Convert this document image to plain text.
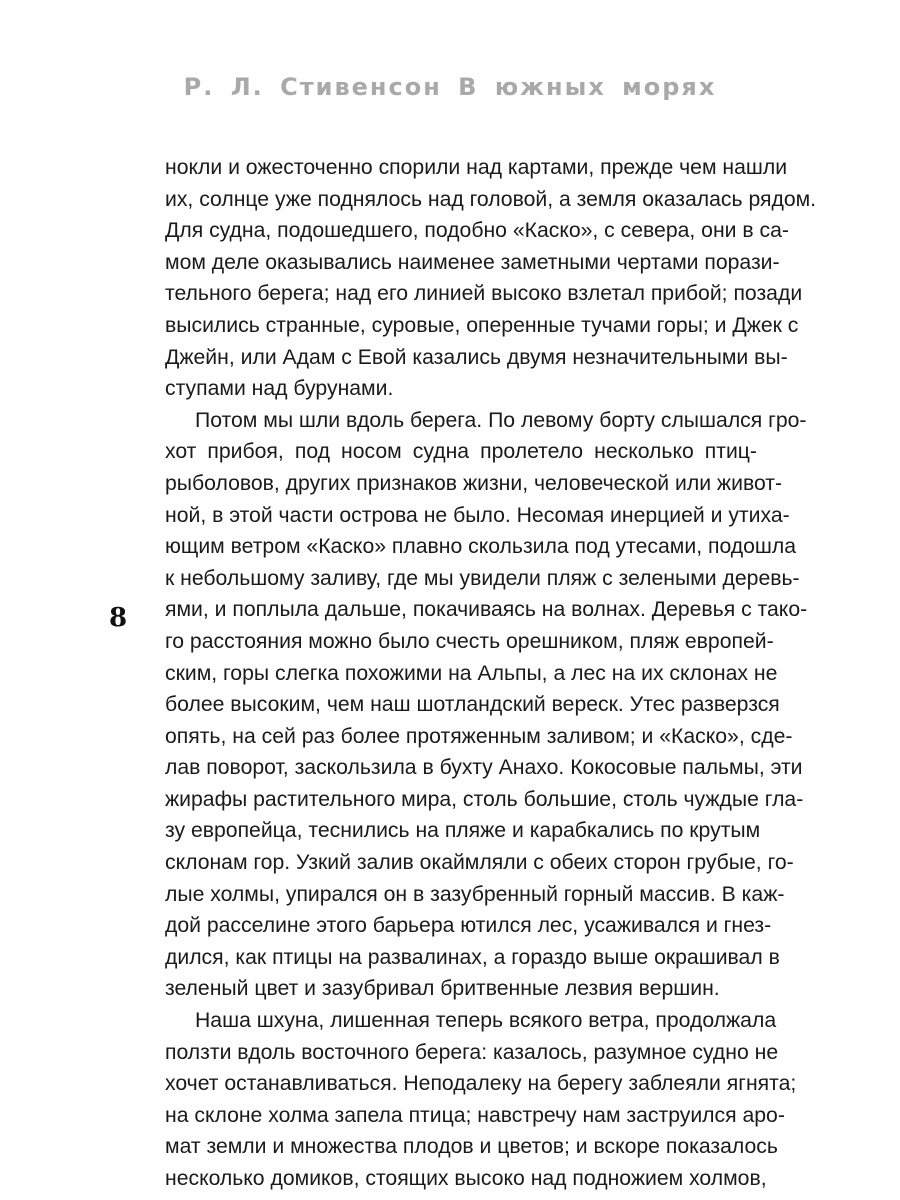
Р. Л. Стивенсон В южных морях
8
нокли и ожесточенно спорили над картами, прежде чем нашли
их, солнце уже поднялось над головой, а земля оказалась рядом.
Для судна, подошедшего, подобно «Каско», с севера, они в са-
мом деле оказывались наименее заметными чертами порази-
тельного берега; над его линией высоко взлетал прибой; позади
высились странные, суровые, оперенные тучами горы; и Джек с
Джейн, или Адам с Евой казались двумя незначительными вы-
ступами над бурунами.
Потом мы шли вдоль берега. По левому борту слышался гро-
хот прибоя, под носом судна пролетело несколько птиц-
рыболовов, других признаков жизни, человеческой или живот-
ной, в этой части острова не было. Несомая инерцией и утиха-
ющим ветром «Каско» плавно скользила под утесами, подошла
к небольшому заливу, где мы увидели пляж с зелеными деревь-
ями, и поплыла дальше, покачиваясь на волнах. Деревья с тако-
го расстояния можно было счесть орешником, пляж европей-
ским, горы слегка похожими на Альпы, а лес на их склонах не
более высоким, чем наш шотландский вереск. Утес разверзся
опять, на сей раз более протяженным заливом; и «Каско», сде-
лав поворот, заскользила в бухту Анахо. Кокосовые пальмы, эти
жирафы растительного мира, столь большие, столь чуждые гла-
зу европейца, теснились на пляже и карабкались по крутым
склонам гор. Узкий залив окаймляли с обеих сторон грубые, го-
лые холмы, упирался он в зазубренный горный массив. В каж-
дой расселине этого барьера ютился лес, усаживался и гнез-
дился, как птицы на развалинах, а гораздо выше окрашивал в
зеленый цвет и зазубривал бритвенные лезвия вершин.
Наша шхуна, лишенная теперь всякого ветра, продолжала
ползти вдоль восточного берега: казалось, разумное судно не
хочет останавливаться. Неподалеку на берегу заблеяли ягнята;
на склоне холма запела птица; навстречу нам заструился аро-
мат земли и множества плодов и цветов; и вскоре показалось
несколько домиков, стоящих высоко над подножием холмов,
